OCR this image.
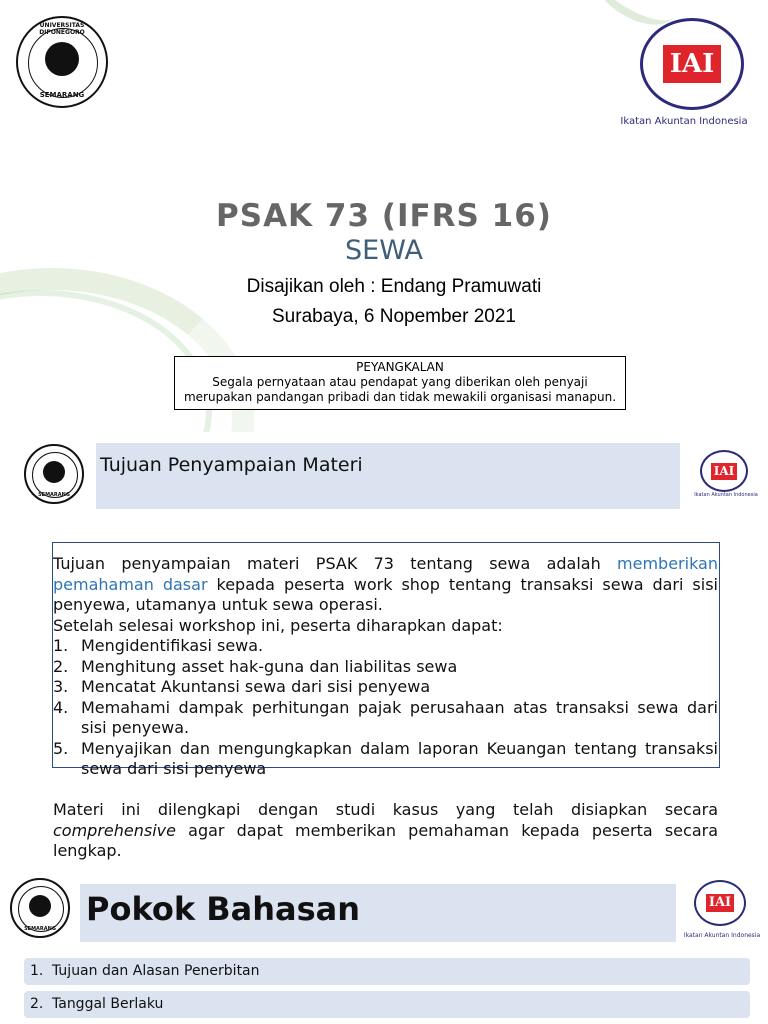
UNIVERSITAS DIPONEGORO
SEMARANG
IAI
Ikatan Akuntan Indonesia
PSAK 73 (IFRS 16)
SEWA
Disajikan oleh : Endang Pramuwati
Surabaya, 6 Nopember 2021
PEYANGKALAN
Segala pernyataan atau pendapat yang diberikan oleh penyaji
merupakan pandangan pribadi dan tidak mewakili organisasi manapun.
SEMARANG
Tujuan Penyampaian Materi	IAI
Ikatan Akuntan Indonesia

Tujuan penyampaian materi PSAK 73 tentang sewa adalah memberikan pemahaman dasar kepada peserta work shop tentang transaksi sewa dari sisi penyewa, utamanya untuk sewa operasi.

Setelah selesai workshop ini, peserta diharapkan dapat:

1. Mengidentifikasi sewa.
2. Menghitung asset hak-guna dan liabilitas sewa
3. Mencatat Akuntansi sewa dari sisi penyewa
4. Memahami dampak perhitungan pajak perusahaan atas transaksi sewa dari sisi penyewa.
5. Menyajikan dan mengungkapkan dalam laporan Keuangan tentang transaksi sewa dari sisi penyewa

Materi ini dilengkapi dengan studi kasus yang telah disiapkan secara comprehensive agar dapat memberikan pemahaman kepada peserta secara lengkap.

SEMARANG
Pokok Bahasan	IAI
Ikatan Akuntan Indonesia
1. Tujuan dan Alasan Penerbitan
2. Tanggal Berlaku
